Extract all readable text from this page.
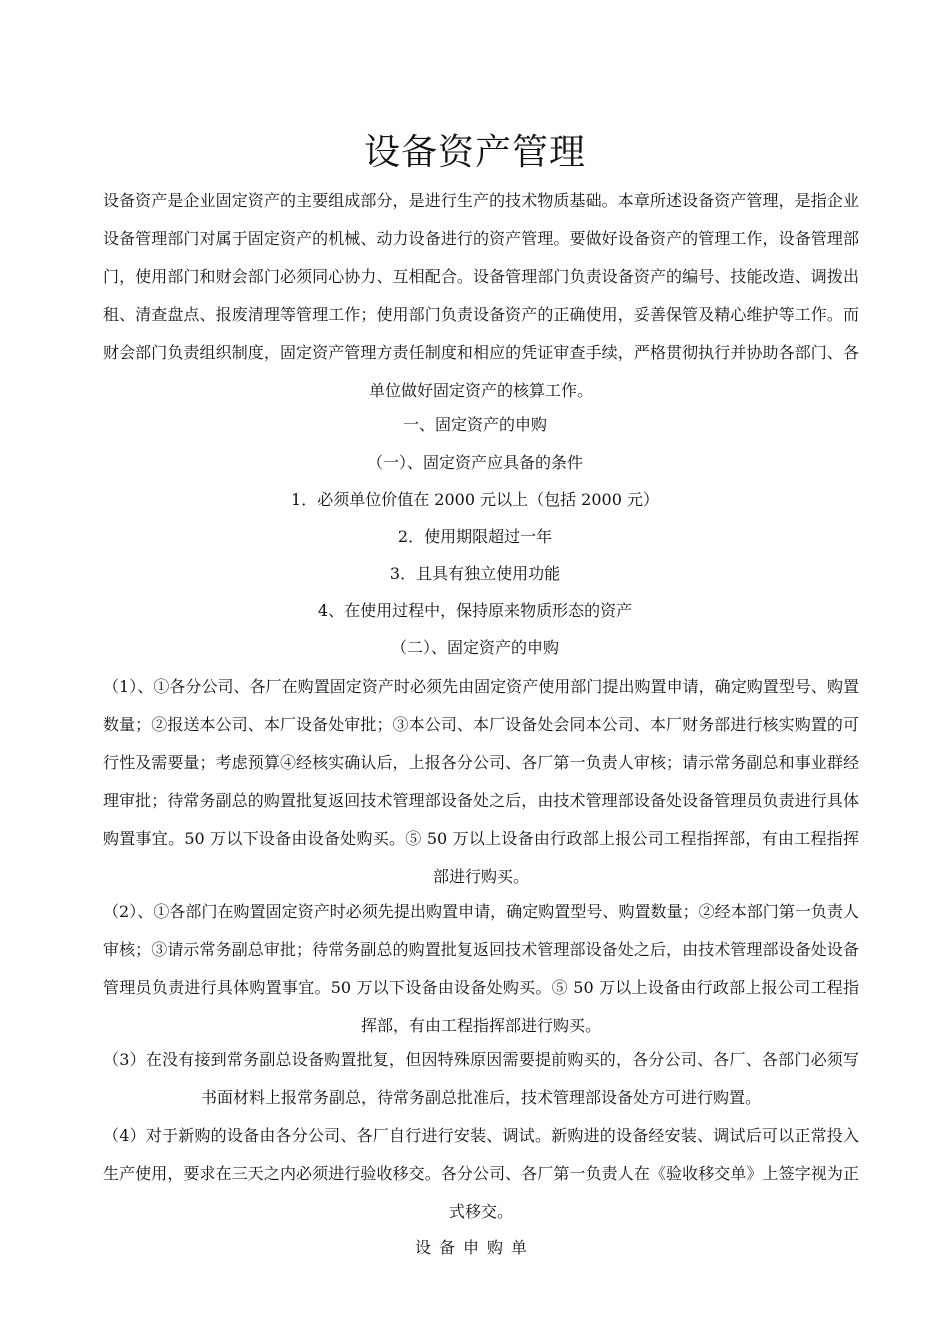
设备资产管理
设备资产是企业固定资产的主要组成部分，是进行生产的技术物质基础。本章所述设备资产管理，是指企业设备管理部门对属于固定资产的机械、动力设备进行的资产管理。要做好设备资产的管理工作，设备管理部门，使用部门和财会部门必须同心协力、互相配合。设备管理部门负责设备资产的编号、技能改造、调拨出租、清查盘点、报废清理等管理工作；使用部门负责设备资产的正确使用，妥善保管及精心维护等工作。而财会部门负责组织制度，固定资产管理方责任制度和相应的凭证审查手续，严格贯彻执行并协助各部门、各单位做好固定资产的核算工作。
一、固定资产的申购
（一）、固定资产应具备的条件
1．必须单位价值在 2000 元以上（包括 2000 元）
2．使用期限超过一年
3．且具有独立使用功能
4、在使用过程中，保持原来物质形态的资产
（二）、固定资产的申购
（1）、①各分公司、各厂在购置固定资产时必须先由固定资产使用部门提出购置申请，确定购置型号、购置数量；②报送本公司、本厂设备处审批；③本公司、本厂设备处会同本公司、本厂财务部进行核实购置的可行性及需要量；考虑预算④经核实确认后，上报各分公司、各厂第一负责人审核；请示常务副总和事业群经理审批；待常务副总的购置批复返回技术管理部设备处之后，由技术管理部设备处设备管理员负责进行具体购置事宜。50 万以下设备由设备处购买。⑤ 50 万以上设备由行政部上报公司工程指挥部，有由工程指挥部进行购买。
（2）、①各部门在购置固定资产时必须先提出购置申请，确定购置型号、购置数量；②经本部门第一负责人审核；③请示常务副总审批；待常务副总的购置批复返回技术管理部设备处之后，由技术管理部设备处设备管理员负责进行具体购置事宜。50 万以下设备由设备处购买。⑤ 50 万以上设备由行政部上报公司工程指挥部，有由工程指挥部进行购买。
（3）在没有接到常务副总设备购置批复，但因特殊原因需要提前购买的，各分公司、各厂、各部门必须写书面材料上报常务副总，待常务副总批准后，技术管理部设备处方可进行购置。
（4）对于新购的设备由各分公司、各厂自行进行安装、调试。新购进的设备经安装、调试后可以正常投入生产使用，要求在三天之内必须进行验收移交。各分公司、各厂第一负责人在《验收移交单》上签字视为正式移交。
设备申购单
